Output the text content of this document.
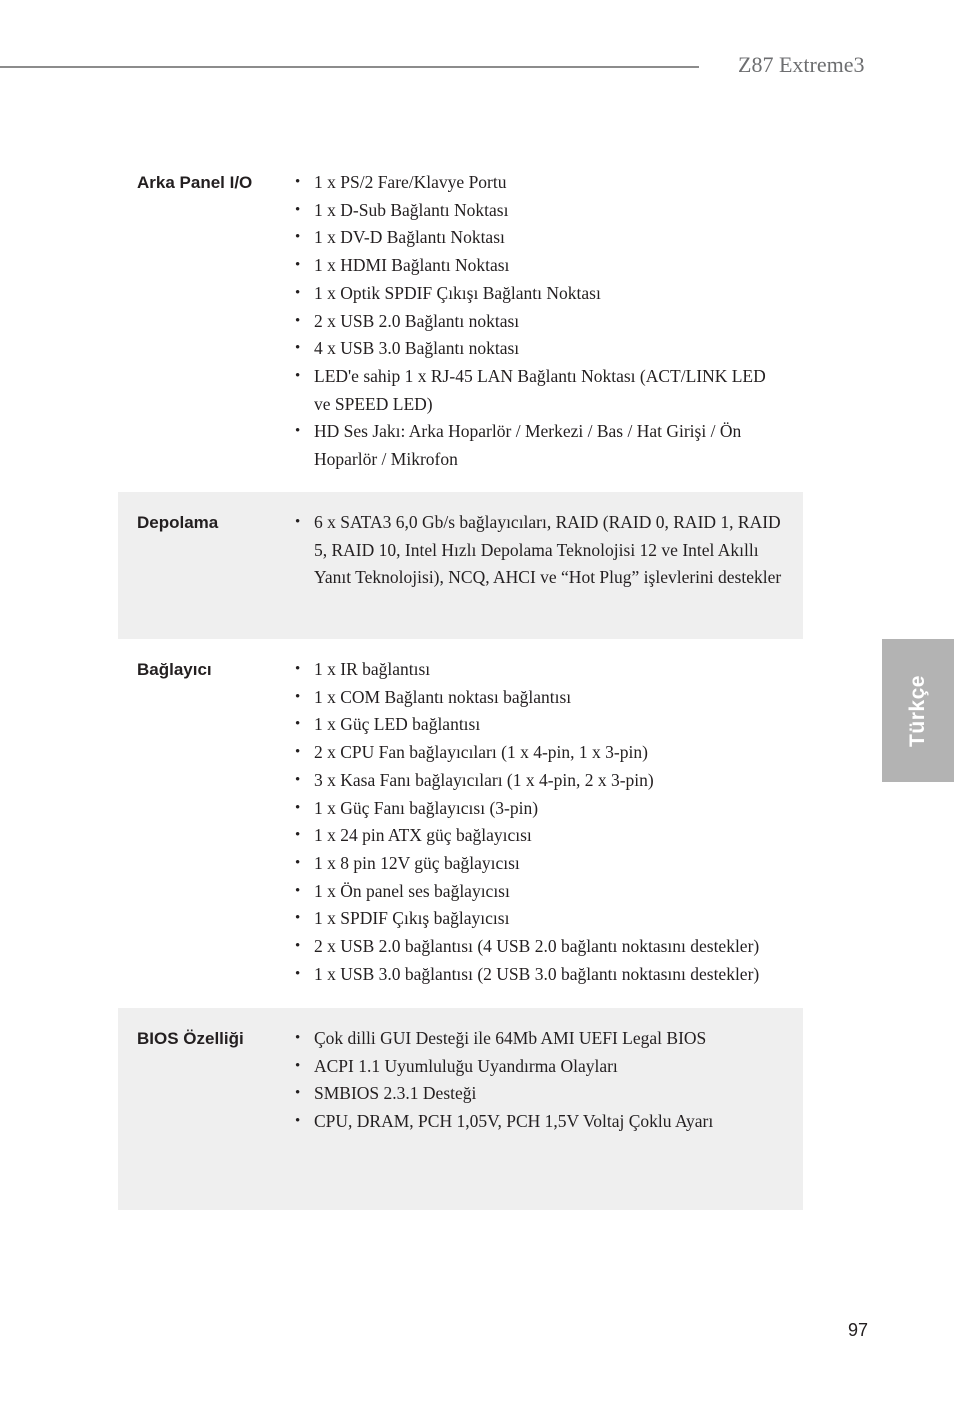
Z87 Extreme3
Türkçe
Arka Panel I/O	• 1 x PS/2 Fare/Klavye Portu
• 1 x D-Sub Bağlantı Noktası
• 1 x DV-D Bağlantı Noktası
• 1 x HDMI Bağlantı Noktası
• 1 x Optik SPDIF Çıkışı Bağlantı Noktası
• 2 x USB 2.0 Bağlantı noktası
• 4 x USB 3.0 Bağlantı noktası
• LED'e sahip 1 x RJ-45 LAN Bağlantı Noktası (ACT/LINK LED ve SPEED LED)
• HD Ses Jakı: Arka Hoparlör / Merkezi / Bas / Hat Girişi / Ön Hoparlör / Mikrofon
Depolama	• 6 x SATA3 6,0 Gb/s bağlayıcıları, RAID (RAID 0, RAID 1, RAID 5, RAID 10, Intel Hızlı Depolama Teknolojisi 12 ve Intel Akıllı Yanıt Teknolojisi), NCQ, AHCI ve “Hot Plug” işlevlerini destekler
Bağlayıcı	• 1 x IR bağlantısı
• 1 x COM Bağlantı noktası bağlantısı
• 1 x Güç LED bağlantısı
• 2 x CPU Fan bağlayıcıları (1 x 4-pin, 1 x 3-pin)
• 3 x Kasa Fanı bağlayıcıları (1 x 4-pin, 2 x 3-pin)
• 1 x Güç Fanı bağlayıcısı (3-pin)
• 1 x 24 pin ATX güç bağlayıcısı
• 1 x 8 pin 12V güç bağlayıcısı
• 1 x Ön panel ses bağlayıcısı
• 1 x SPDIF Çıkış bağlayıcısı
• 2 x USB 2.0 bağlantısı (4 USB 2.0 bağlantı noktasını destekler)
• 1 x USB 3.0 bağlantısı (2 USB 3.0 bağlantı noktasını destekler)
BIOS Özelliği	• Çok dilli GUI Desteği ile 64Mb AMI UEFI Legal BIOS
• ACPI 1.1 Uyumluluğu Uyandırma Olayları
• SMBIOS 2.3.1 Desteği
• CPU, DRAM, PCH 1,05V, PCH 1,5V Voltaj Çoklu Ayarı
97
